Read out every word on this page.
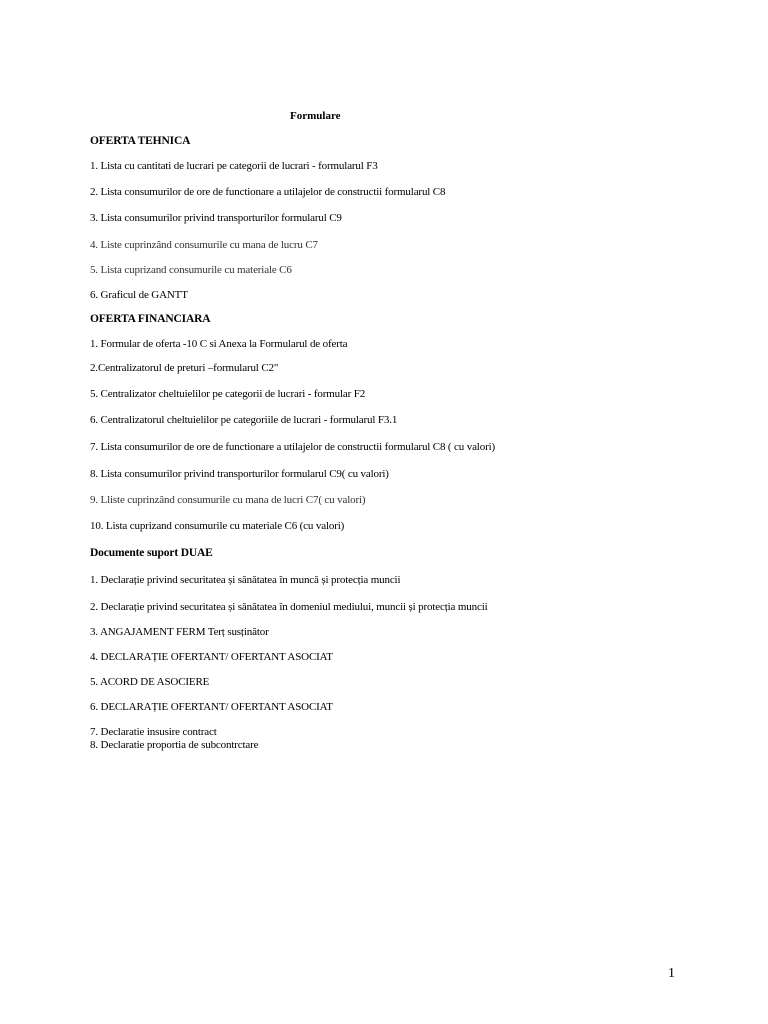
Formulare
OFERTA TEHNICA
1. Lista cu cantitati de lucrari pe categorii de lucrari - formularul F3
2. Lista consumurilor de ore de functionare a utilajelor de constructii formularul C8
3. Lista consumurilor privind transporturilor formularul C9
4. Liste cuprinzând consumurile cu mana de lucru C7
5. Lista cuprizand consumurile cu materiale C6
6. Graficul de GANTT
OFERTA FINANCIARA
1. Formular de oferta -10 C si Anexa la Formularul de oferta
2.Centralizatorul de preturi –formularul C2"
5. Centralizator cheltuielilor pe categorii de lucrari - formular F2
6. Centralizatorul cheltuielilor pe categoriile de lucrari - formularul F3.1
7. Lista consumurilor de ore de functionare a utilajelor de constructii formularul C8 ( cu valori)
8. Lista consumurilor privind transporturilor formularul C9( cu valori)
9. Lliste cuprinzând consumurile cu mana de lucri C7( cu valori)
10. Lista cuprizand consumurile cu materiale C6 (cu valori)
Documente suport DUAE
1. Declarație privind securitatea și sănătatea în muncă și protecția muncii
2. Declarație privind securitatea și sănătatea în domeniul mediului, muncii și protecția muncii
3. ANGAJAMENT FERM Terț susținător
4. DECLARAȚIE OFERTANT/ OFERTANT ASOCIAT
5. ACORD DE ASOCIERE
6. DECLARAȚIE OFERTANT/ OFERTANT ASOCIAT
7. Declaratie insusire contract
8. Declaratie proportia de subcontrctare
1
